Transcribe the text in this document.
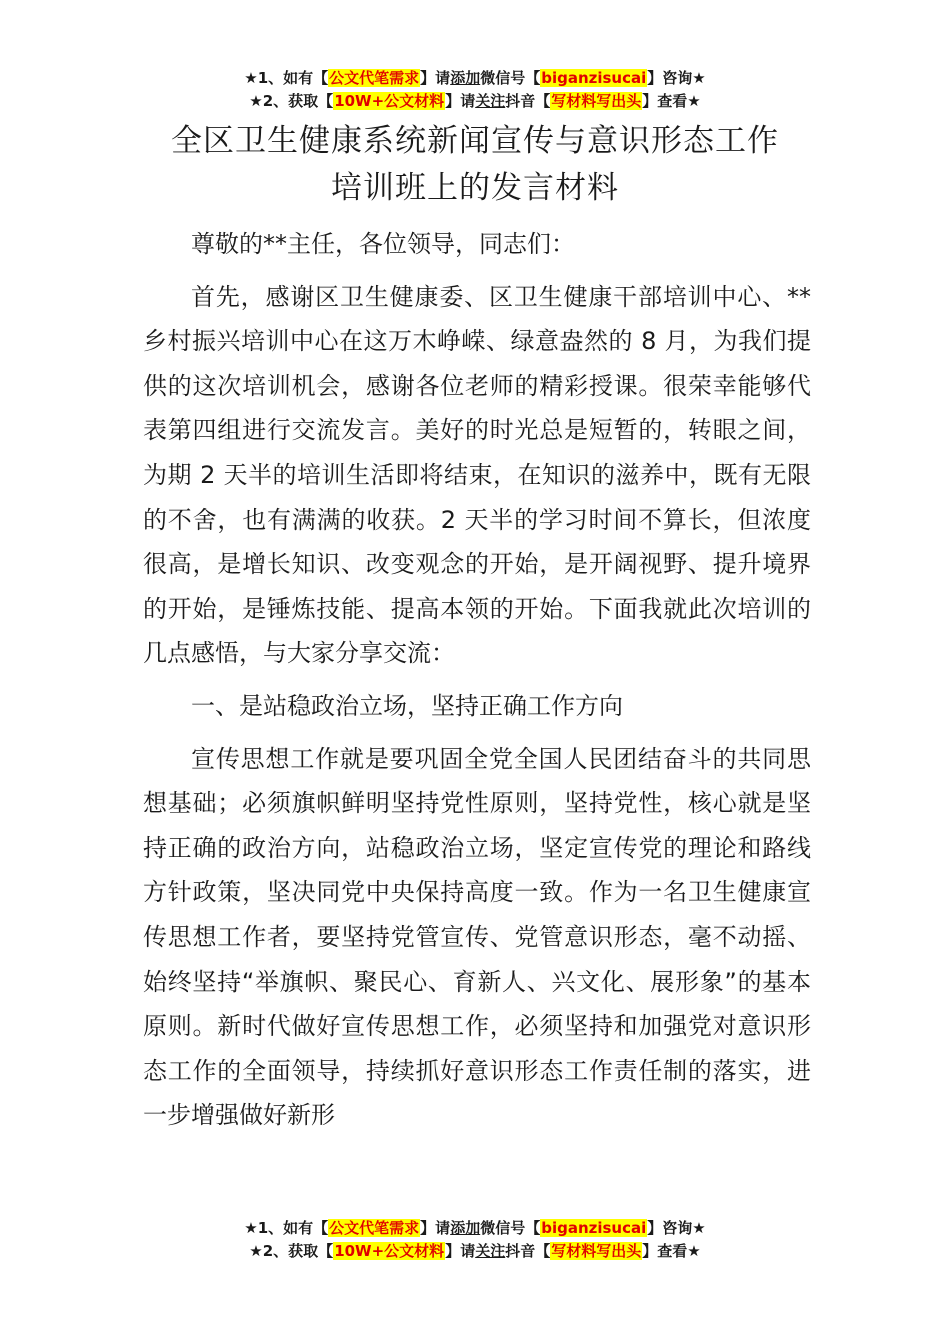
★1、如有【公文代笔需求】请添加微信号【biganzisucai】咨询★
★2、获取【10W+公文材料】请关注抖音【写材料写出头】查看★
全区卫生健康系统新闻宣传与意识形态工作
培训班上的发言材料

尊敬的**主任，各位领导，同志们：

首先，感谢区卫生健康委、区卫生健康干部培训中心、**乡村振兴培训中心在这万木峥嵘、绿意盎然的 8 月，为我们提供的这次培训机会，感谢各位老师的精彩授课。很荣幸能够代表第四组进行交流发言。美好的时光总是短暂的，转眼之间，为期 2 天半的培训生活即将结束，在知识的滋养中，既有无限的不舍，也有满满的收获。2 天半的学习时间不算长，但浓度很高，是增长知识、改变观念的开始，是开阔视野、提升境界的开始，是锤炼技能、提高本领的开始。下面我就此次培训的几点感悟，与大家分享交流：

一、是站稳政治立场，坚持正确工作方向

宣传思想工作就是要巩固全党全国人民团结奋斗的共同思想基础；必须旗帜鲜明坚持党性原则，坚持党性，核心就是坚持正确的政治方向，站稳政治立场，坚定宣传党的理论和路线方针政策，坚决同党中央保持高度一致。作为一名卫生健康宣传思想工作者，要坚持党管宣传、党管意识形态，毫不动摇、始终坚持“举旗帜、聚民心、育新人、兴文化、展形象”的基本原则。新时代做好宣传思想工作，必须坚持和加强党对意识形态工作的全面领导，持续抓好意识形态工作责任制的落实，进一步增强做好新形

★1、如有【公文代笔需求】请添加微信号【biganzisucai】咨询★
★2、获取【10W+公文材料】请关注抖音【写材料写出头】查看★
